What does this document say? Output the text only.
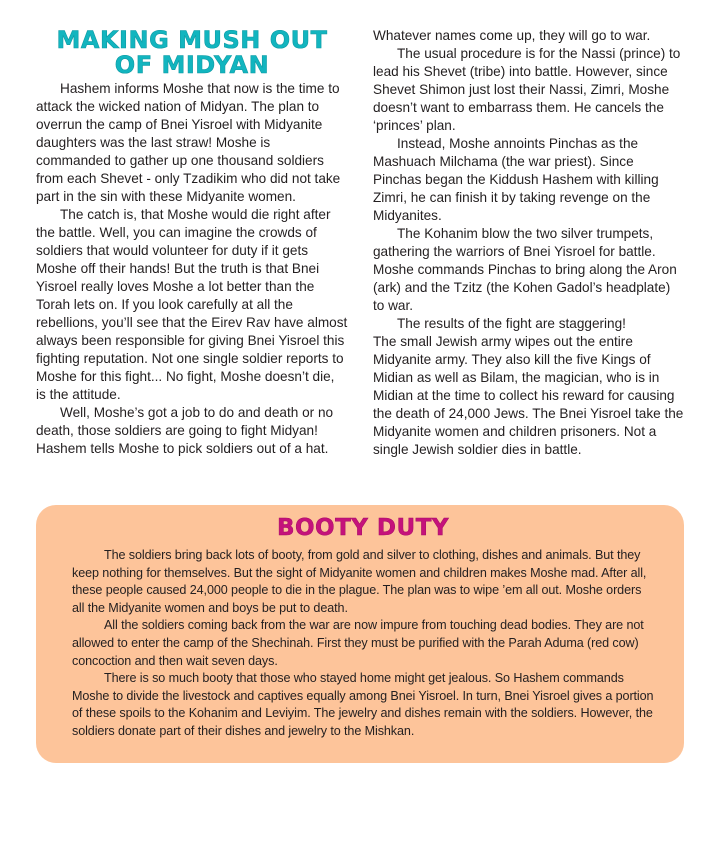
MAKING MUSH OUT
OF MIDYAN

Hashem informs Moshe that now is the time to attack the wicked nation of Midyan. The plan to overrun the camp of Bnei Yisroel with Midyanite daughters was the last straw! Moshe is commanded to gather up one thousand soldiers from each Shevet - only Tzadikim who did not take part in the sin with these Midyanite women.

The catch is, that Moshe would die right after the battle. Well, you can imagine the crowds of soldiers that would volunteer for duty if it gets Moshe off their hands! But the truth is that Bnei Yisroel really loves Moshe a lot better than the Torah lets on. If you look carefully at all the rebellions, you’ll see that the Eirev Rav have almost always been responsible for giving Bnei Yisroel this fighting reputation. Not one single soldier reports to Moshe for this fight... No fight, Moshe doesn’t die, is the attitude.

Well, Moshe’s got a job to do and death or no death, those soldiers are going to fight Midyan! Hashem tells Moshe to pick soldiers out of a hat.

Whatever names come up, they will go to war.

The usual procedure is for the Nassi (prince) to lead his Shevet (tribe) into battle. However, since Shevet Shimon just lost their Nassi, Zimri, Moshe doesn’t want to embarrass them. He cancels the ‘princes’ plan.

Instead, Moshe annoints Pinchas as the Mashuach Milchama (the war priest). Since Pinchas began the Kiddush Hashem with killing Zimri, he can finish it by taking revenge on the Midyanites.

The Kohanim blow the two silver trumpets, gathering the warriors of Bnei Yisroel for battle. Moshe commands Pinchas to bring along the Aron (ark) and the Tzitz (the Kohen Gadol’s headplate) to war.

The results of the fight are staggering!

The small Jewish army wipes out the entire Midyanite army. They also kill the five Kings of Midian as well as Bilam, the magician, who is in Midian at the time to collect his reward for causing the death of 24,000 Jews. The Bnei Yisroel take the Midyanite women and children prisoners. Not a single Jewish soldier dies in battle.

BOOTY DUTY

The soldiers bring back lots of booty, from gold and silver to clothing, dishes and animals. But they keep nothing for themselves. But the sight of Midyanite women and children makes Moshe mad. After all, these people caused 24,000 people to die in the plague. The plan was to wipe ’em all out. Moshe orders all the Midyanite women and boys be put to death.

All the soldiers coming back from the war are now impure from touching dead bodies. They are not allowed to enter the camp of the Shechinah. First they must be purified with the Parah Aduma (red cow) concoction and then wait seven days.

There is so much booty that those who stayed home might get jealous. So Hashem commands Moshe to divide the livestock and captives equally among Bnei Yisroel. In turn, Bnei Yisroel gives a portion of these spoils to the Kohanim and Leviyim. The jewelry and dishes remain with the soldiers. However, the soldiers donate part of their dishes and jewelry to the Mishkan.
